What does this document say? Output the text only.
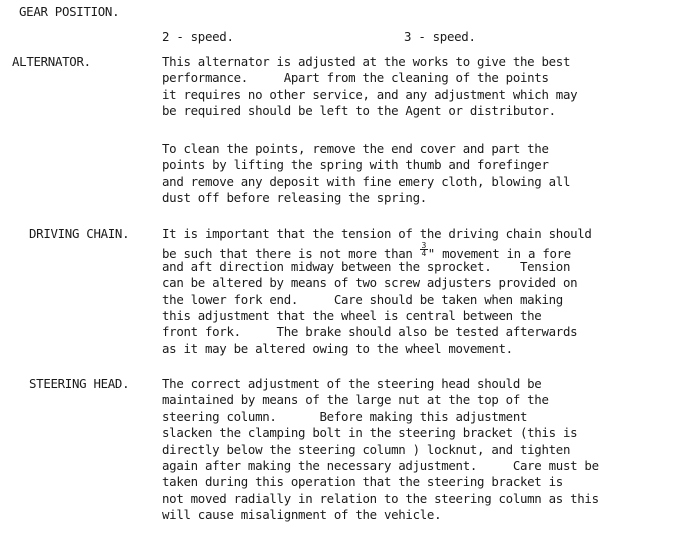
GEAR POSITION.
2 - speed.	3 - speed.
ALTERNATOR.	This alternator is adjusted at the works to give the best
performance.     Apart from the cleaning of the points
it requires no other service, and any adjustment which may
be required should be left to the Agent or distributor.
To clean the points, remove the end cover and part the
points by lifting the spring with thumb and forefinger
and remove any deposit with fine emery cloth, blowing all
dust off before releasing the spring.
DRIVING CHAIN.	It is important that the tension of the driving chain should
be such that there is not more than $\frac{3}{4}$ " movement in a fore
and aft direction midway between the sprocket.    Tension
can be altered by means of two screw adjusters provided on
the lower fork end.     Care should be taken when making
this adjustment that the wheel is central between the
front fork.     The brake should also be tested afterwards
as it may be altered owing to the wheel movement.
STEERING HEAD.	The correct adjustment of the steering head should be
maintained by means of the large nut at the top of the
steering column.      Before making this adjustment
slacken the clamping bolt in the steering bracket (this is
directly below the steering column ) locknut, and tighten
again after making the necessary adjustment.     Care must be
taken during this operation that the steering bracket is
not moved radially in relation to the steering column as this
will cause misalignment of the vehicle.
